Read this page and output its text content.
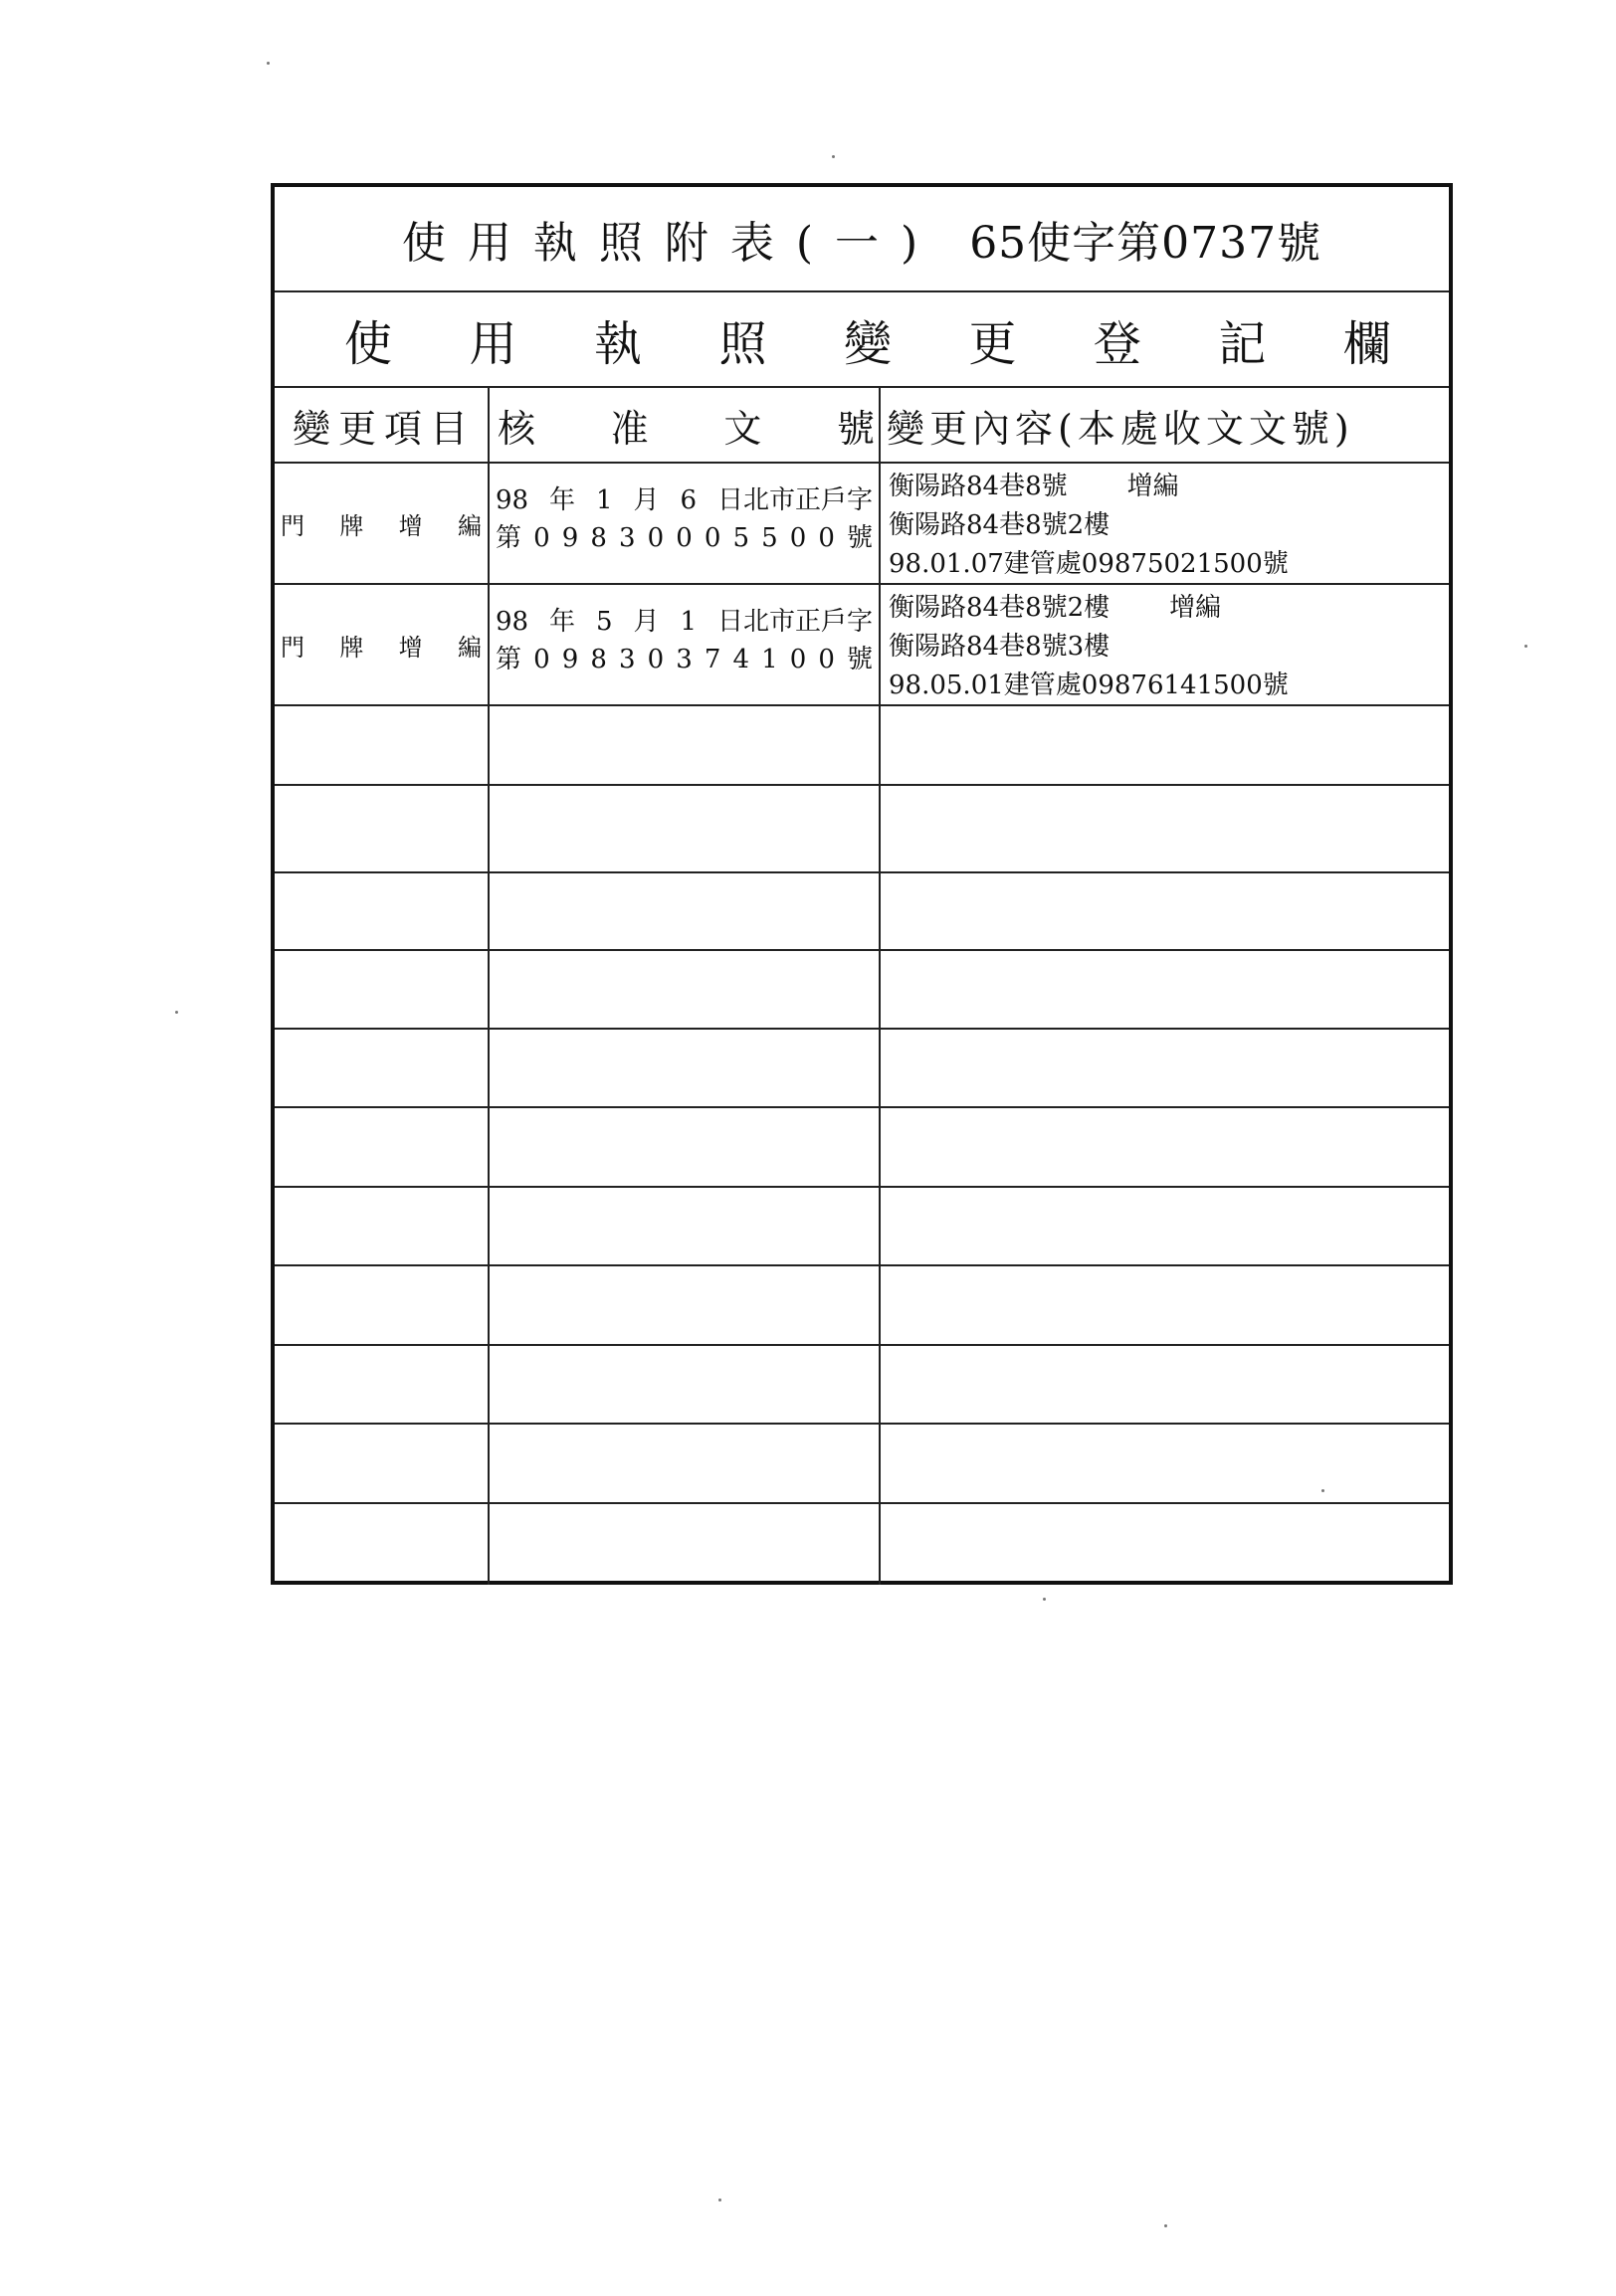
使用執照附表(一) 65使字第0737號
使 用 執 照 變 更 登 記 欄
變更項目 核 准 文 號 變更內容(本處收文文號)
門 牌 增 編
98 年 1 月 6 日北市正戶字
第 0 9 8 3 0 0 0 5 5 0 0 號
衡陽路84巷8號 增編
衡陽路84巷8號2樓
98.01.07建管處09875021500號
門 牌 增 編
98 年 5 月 1 日北市正戶字
第 0 9 8 3 0 3 7 4 1 0 0 號
衡陽路84巷8號2樓 增編
衡陽路84巷8號3樓
98.05.01建管處09876141500號
